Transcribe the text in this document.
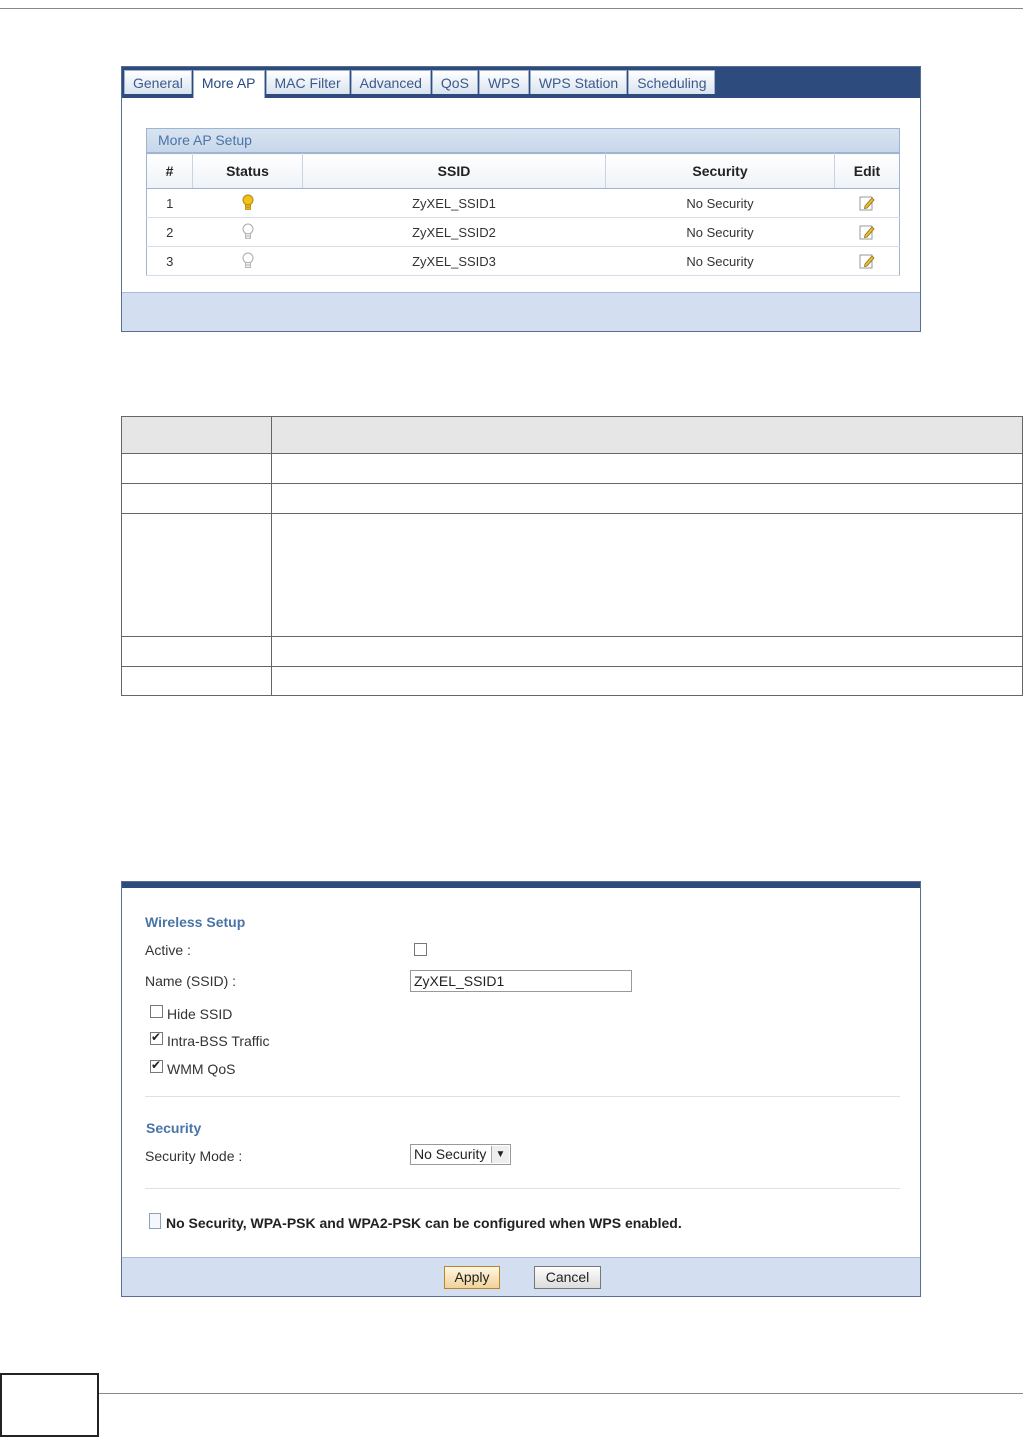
General	More AP	MAC Filter	Advanced	QoS	WPS	WPS Station	Scheduling
More AP Setup
#	Status	SSID	Security	Edit
1		ZyXEL_SSID1	No Security	
2		ZyXEL_SSID2	No Security	
3		ZyXEL_SSID3	No Security	

Wireless Setup
Active :
Name (SSID) :	ZyXEL_SSID1
Hide SSID
✔
Intra-BSS Traffic
✔
WMM QoS
Security
Security Mode :	No Security ▼
No Security, WPA-PSK and WPA2-PSK can be configured when WPS enabled.
Apply	Cancel
